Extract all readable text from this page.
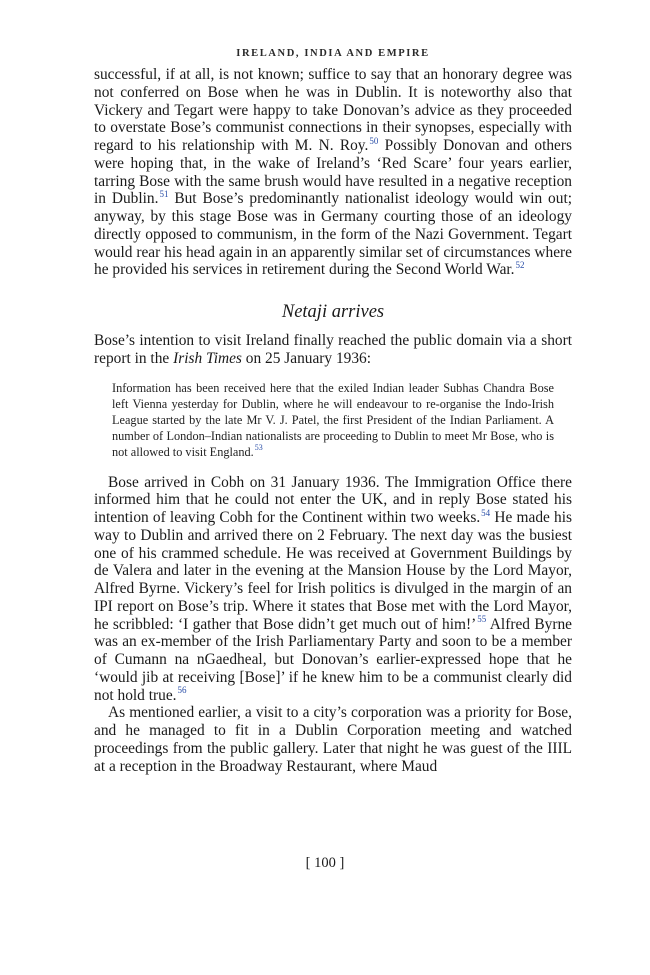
IRELAND, INDIA AND EMPIRE

successful, if at all, is not known; suffice to say that an honorary degree was not conferred on Bose when he was in Dublin. It is noteworthy also that Vickery and Tegart were happy to take Donovan’s advice as they proceeded to overstate Bose’s communist connections in their synopses, especially with regard to his relationship with M. N. Roy.$^{50}$ Possibly Donovan and others were hoping that, in the wake of Ireland’s ‘Red Scare’ four years earlier, tarring Bose with the same brush would have resulted in a negative reception in Dublin.$^{51}$ But Bose’s predominantly nationalist ideology would win out; anyway, by this stage Bose was in Germany courting those of an ideology directly opposed to communism, in the form of the Nazi Government. Tegart would rear his head again in an apparently similar set of circumstances where he provided his services in retirement during the Second World War.$^{52}$

Netaji arrives

Bose’s intention to visit Ireland finally reached the public domain via a short report in the Irish Times on 25 January 1936:

Information has been received here that the exiled Indian leader Subhas Chandra Bose left Vienna yesterday for Dublin, where he will endeavour to re-organise the Indo-Irish League started by the late Mr V. J. Patel, the first President of the Indian Parliament. A number of London–Indian nationalists are proceeding to Dublin to meet Mr Bose, who is not allowed to visit England.$^{53}$

Bose arrived in Cobh on 31 January 1936. The Immigration Office there informed him that he could not enter the UK, and in reply Bose stated his intention of leaving Cobh for the Continent within two weeks.$^{54}$ He made his way to Dublin and arrived there on 2 February. The next day was the busiest one of his crammed schedule. He was received at Government Buildings by de Valera and later in the evening at the Mansion House by the Lord Mayor, Alfred Byrne. Vickery’s feel for Irish politics is divulged in the margin of an IPI report on Bose’s trip. Where it states that Bose met with the Lord Mayor, he scribbled: ‘I gather that Bose didn’t get much out of him!’$^{55}$ Alfred Byrne was an ex-member of the Irish Parliamentary Party and soon to be a member of Cumann na nGaedheal, but Donovan’s earlier-expressed hope that he ‘would jib at receiving [Bose]’ if he knew him to be a communist clearly did not hold true.$^{56}$

As mentioned earlier, a visit to a city’s corporation was a priority for Bose, and he managed to fit in a Dublin Corporation meeting and watched proceedings from the public gallery. Later that night he was guest of the IIIL at a reception in the Broadway Restaurant, where Maud

[ 100 ]
